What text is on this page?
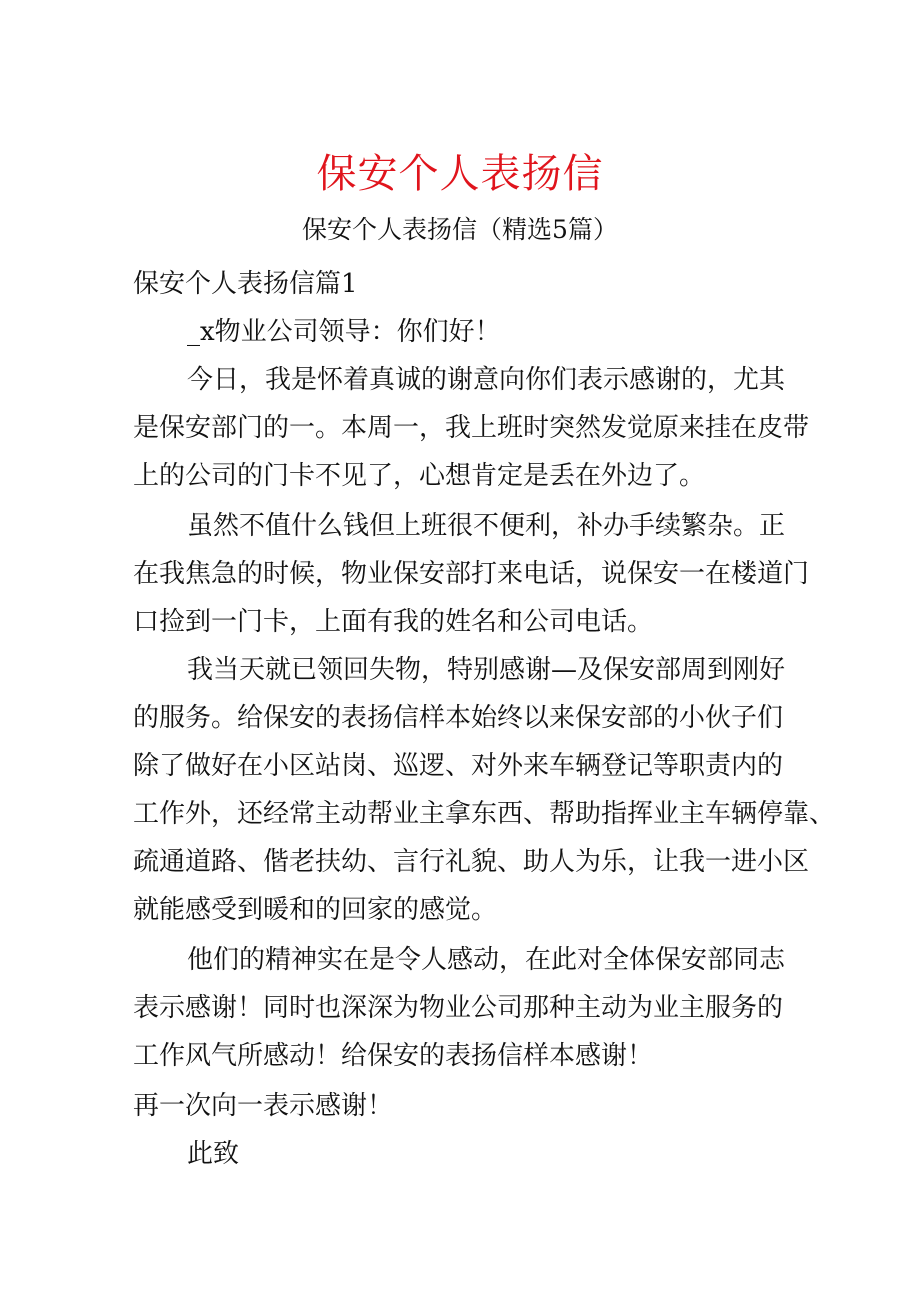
保安个人表扬信
保安个人表扬信（精选5篇）
保安个人表扬信篇1
_x物业公司领导：你们好！
今日，我是怀着真诚的谢意向你们表示感谢的，尤其
是保安部门的一。本周一，我上班时突然发觉原来挂在皮带
上的公司的门卡不见了，心想肯定是丢在外边了。
虽然不值什么钱但上班很不便利，补办手续繁杂。正
在我焦急的时候，物业保安部打来电话，说保安一在楼道门
口捡到一门卡，上面有我的姓名和公司电话。
我当天就已领回失物，特别感谢—及保安部周到刚好
的服务。给保安的表扬信样本始终以来保安部的小伙子们
除了做好在小区站岗、巡逻、对外来车辆登记等职责内的
工作外，还经常主动帮业主拿东西、帮助指挥业主车辆停靠、
疏通道路、偕老扶幼、言行礼貌、助人为乐，让我一进小区
就能感受到暖和的回家的感觉。
他们的精神实在是令人感动，在此对全体保安部同志
表示感谢！同时也深深为物业公司那种主动为业主服务的
工作风气所感动！给保安的表扬信样本感谢！
再一次向一表示感谢！
此致
